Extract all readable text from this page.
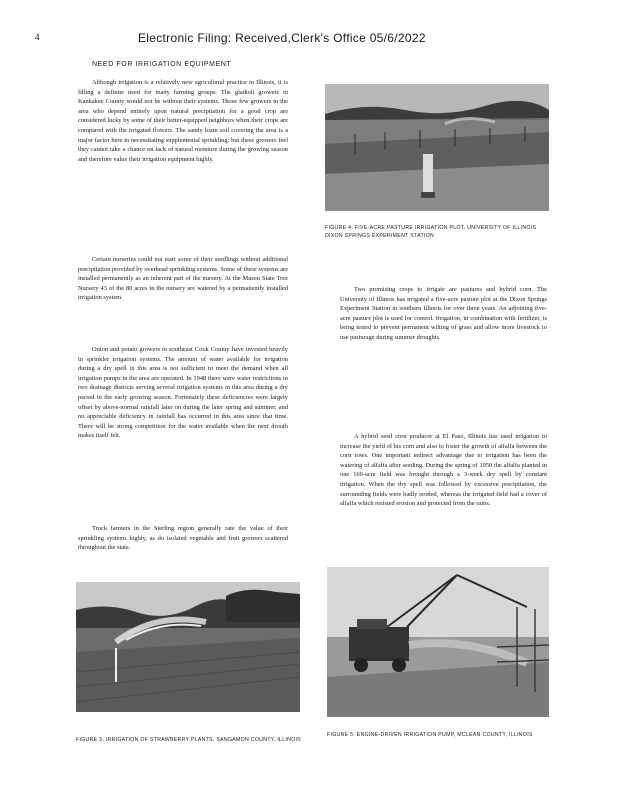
4	Electronic Filing: Received,Clerk's Office 05/6/2022
NEED FOR IRRIGATION EQUIPMENT

Although irrigation is a relatively new agricultural practice in Illinois, it is filling a definite need for many farming groups. The gladioli growers in Kankakee County would not be without their systems. Those few growers in the area who depend entirely upon natural precipitation for a good crop are considered lucky by some of their better-equipped neighbors when their crops are compared with the irrigated flowers. The sandy loam soil covering the area is a major factor here in necessitating supplemental sprinkling; but these growers feel they cannot take a chance on lack of natural moisture during the growing season and therefore value their irrigation equipment highly.

Certain nurseries could not start some of their seedlings without additional precipitation provided by overhead sprinkling systems. Some of these systems are installed permanently as an inherent part of the nursery. At the Mason State Tree Nursery 43 of the 80 acres in the nursery are watered by a permanently installed irrigation system.

Onion and potato growers in southeast Cook County have invested heavily in sprinkler irrigation systems. The amount of water available for irrigation during a dry spell in this area is not sufficient to meet the demand when all irrigation pumps in the area are operated. In 1948 there were water restrictions in two drainage districts serving several irrigation systems in this area during a dry period in the early growing season. Fortunately these deficiencies were largely offset by above-normal rainfall later on during the later spring and summer, and no appreciable deficiency in rainfall has occurred in this area since that time. There will be strong competition for the water available when the next drouth makes itself felt.

Truck farmers in the Sterling region generally rate the value of their sprinkling systems highly, as do isolated vegetable and fruit growers scattered throughout the state.

Two promising crops to irrigate are pastures and hybrid corn. The University of Illinois has irrigated a five-acre pasture plot at the Dixon Springs Experiment Station in southern Illinois for over three years. An adjoining five-acre pasture plot is used for control. Irrigation, in combination with fertilizer, is being tested to prevent permanent wilting of grass and allow more livestock to use pasturage during summer droughts.

A hybrid seed corn producer at El Paso, Illinois has used irrigation to increase the yield of his corn and also to foster the growth of alfalfa between the corn rows. One important indirect advantage due to irrigation has been the watering of alfalfa after seeding. During the spring of 1950 the alfalfa planted in one 160-acre field was brought through a 3-week dry spell by constant irrigation. When the dry spell was followed by excessive precipitation, the surrounding fields were badly eroded, whereas the irrigated field had a cover of alfalfa which resisted erosion and protected from the rains.

FIGURE 4. FIVE-ACRE PASTURE IRRIGATION PLOT, UNIVERSITY OF ILLINOIS DIXON SPRINGS EXPERIMENT STATION
FIGURE 3. IRRIGATION OF STRAWBERRY PLANTS, SANGAMON COUNTY, ILLINOIS
FIGURE 5. ENGINE-DRIVEN IRRIGATION PUMP, MCLEAN COUNTY, ILLINOIS
